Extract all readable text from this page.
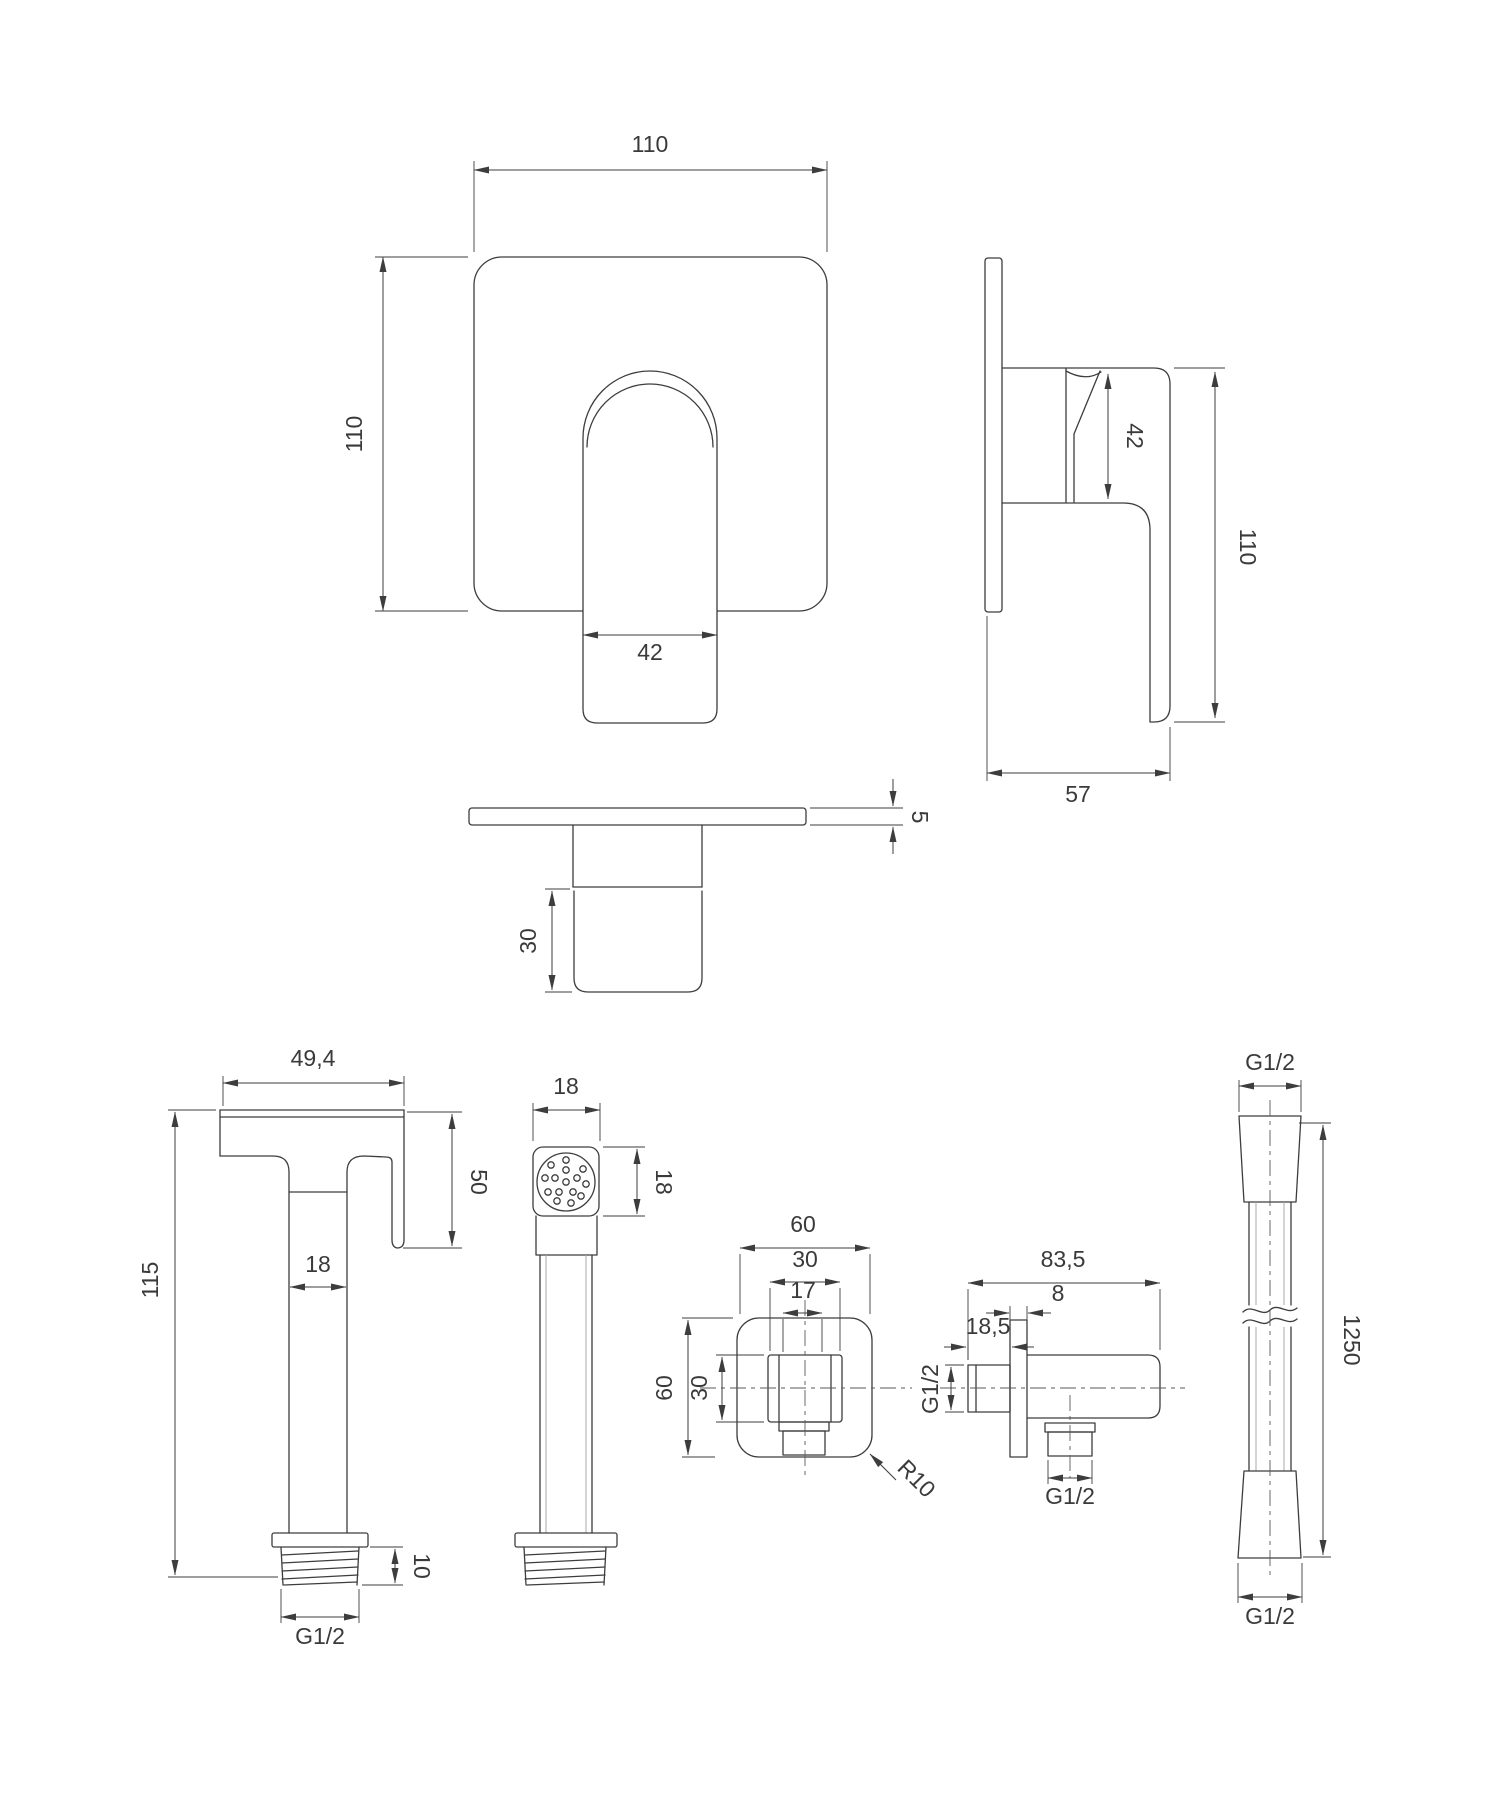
110
110
42
42
110
57
5
30
49,4
115
50
18
10
G1/2
18
18
60
30
17
60 30
R10
83,5
8
18,5
G1/2
G1/2
G1/2
1250
G1/2
